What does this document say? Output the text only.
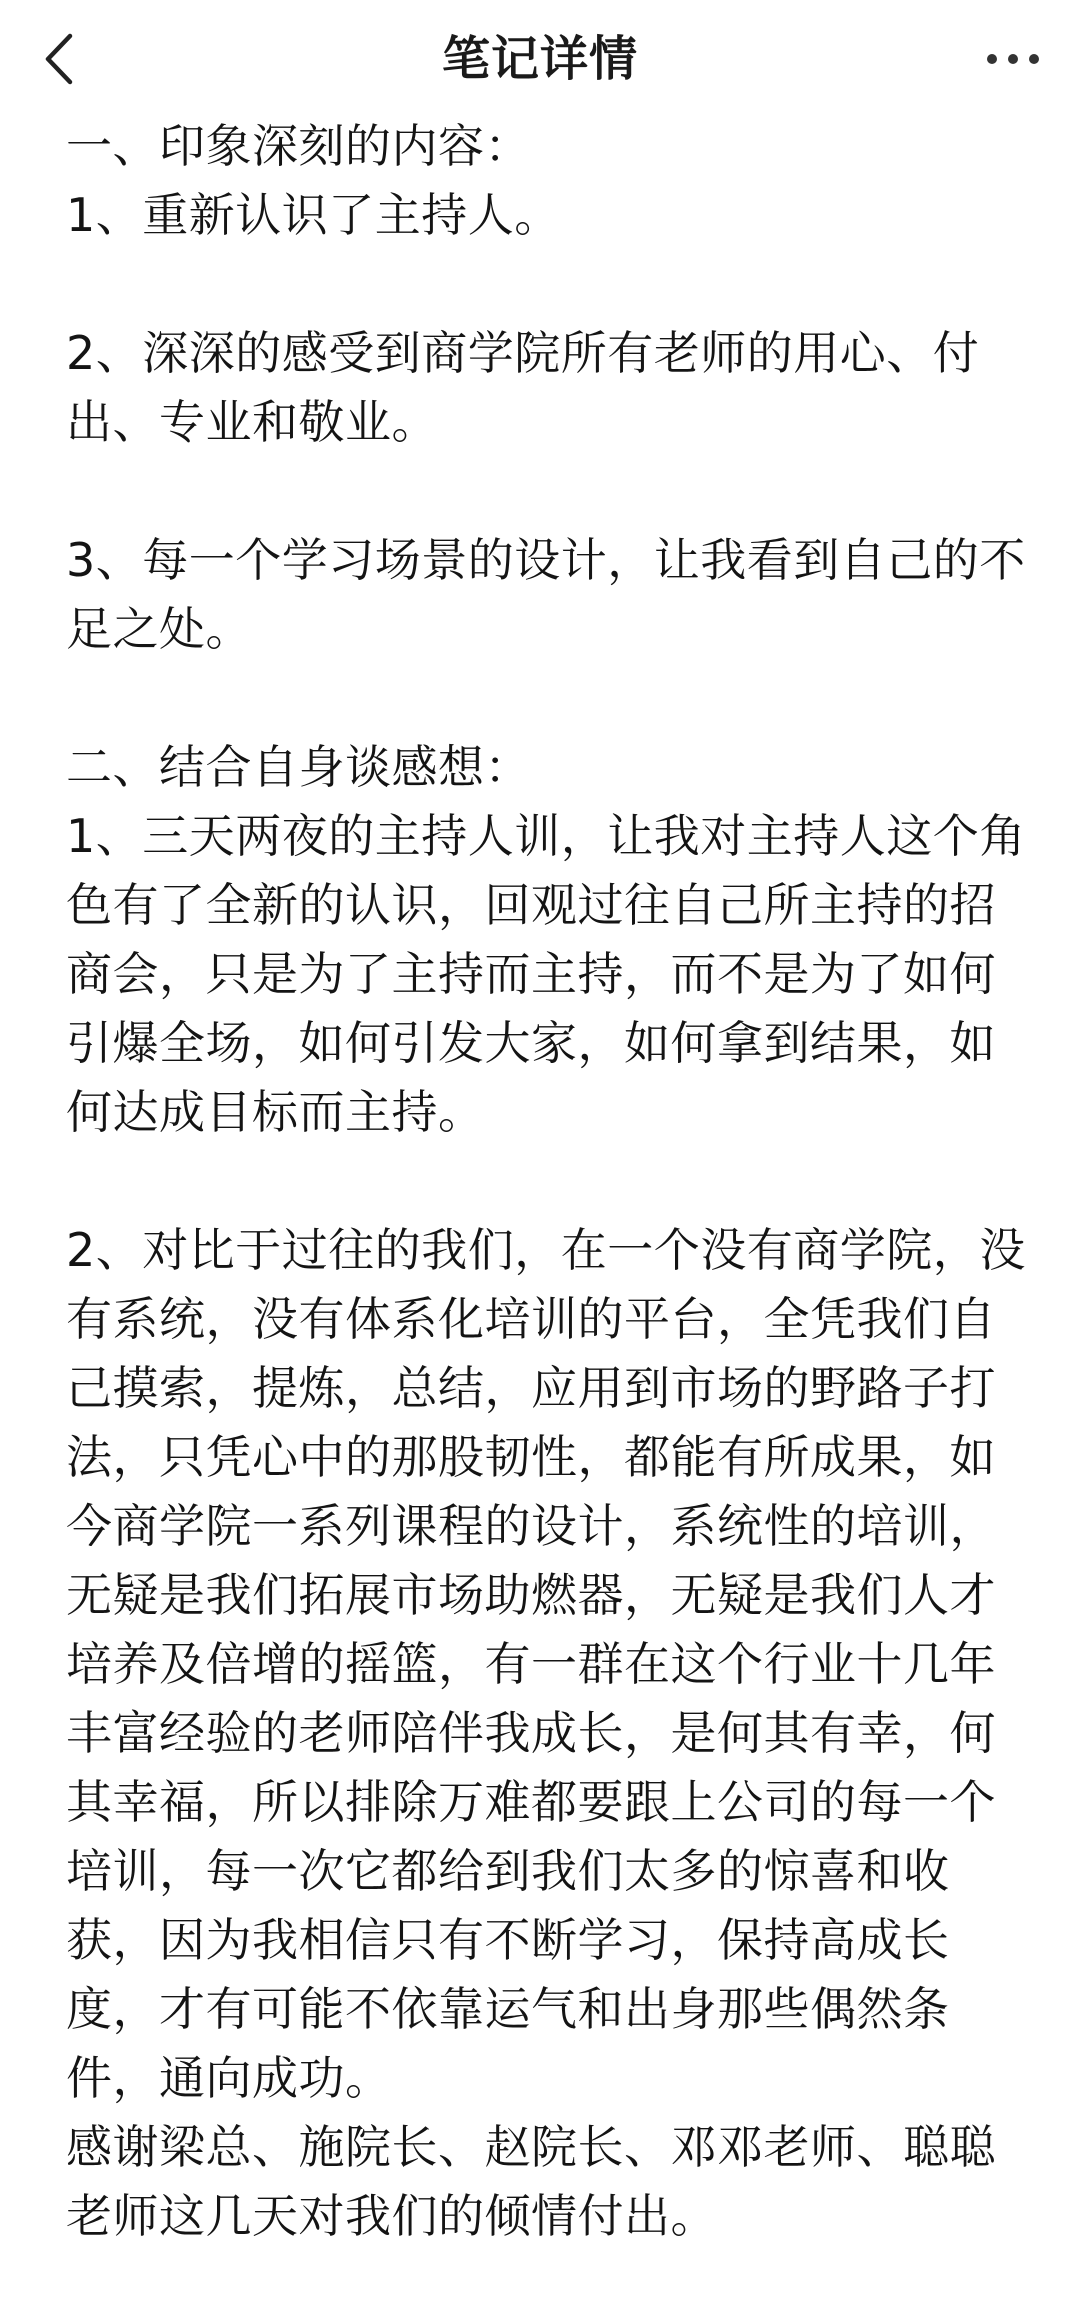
笔记详情

一、印象深刻的内容：

1、重新认识了主持人。

2、深深的感受到商学院所有老师的用心、付
出、专业和敬业。

3、每一个学习场景的设计，让我看到自己的不
足之处。

二、结合自身谈感想：

1、三天两夜的主持人训，让我对主持人这个角
色有了全新的认识，回观过往自己所主持的招
商会，只是为了主持而主持，而不是为了如何
引爆全场，如何引发大家，如何拿到结果，如
何达成目标而主持。

2、对比于过往的我们，在一个没有商学院，没
有系统，没有体系化培训的平台，全凭我们自
己摸索，提炼，总结，应用到市场的野路子打
法，只凭心中的那股韧性，都能有所成果，如
今商学院一系列课程的设计，系统性的培训，
无疑是我们拓展市场助燃器，无疑是我们人才
培养及倍增的摇篮，有一群在这个行业十几年
丰富经验的老师陪伴我成长，是何其有幸，何
其幸福，所以排除万难都要跟上公司的每一个
培训，每一次它都给到我们太多的惊喜和收
获，因为我相信只有不断学习，保持高成长
度，才有可能不依靠运气和出身那些偶然条
件，通向成功。

感谢梁总、施院长、赵院长、邓邓老师、聪聪
老师这几天对我们的倾情付出。
